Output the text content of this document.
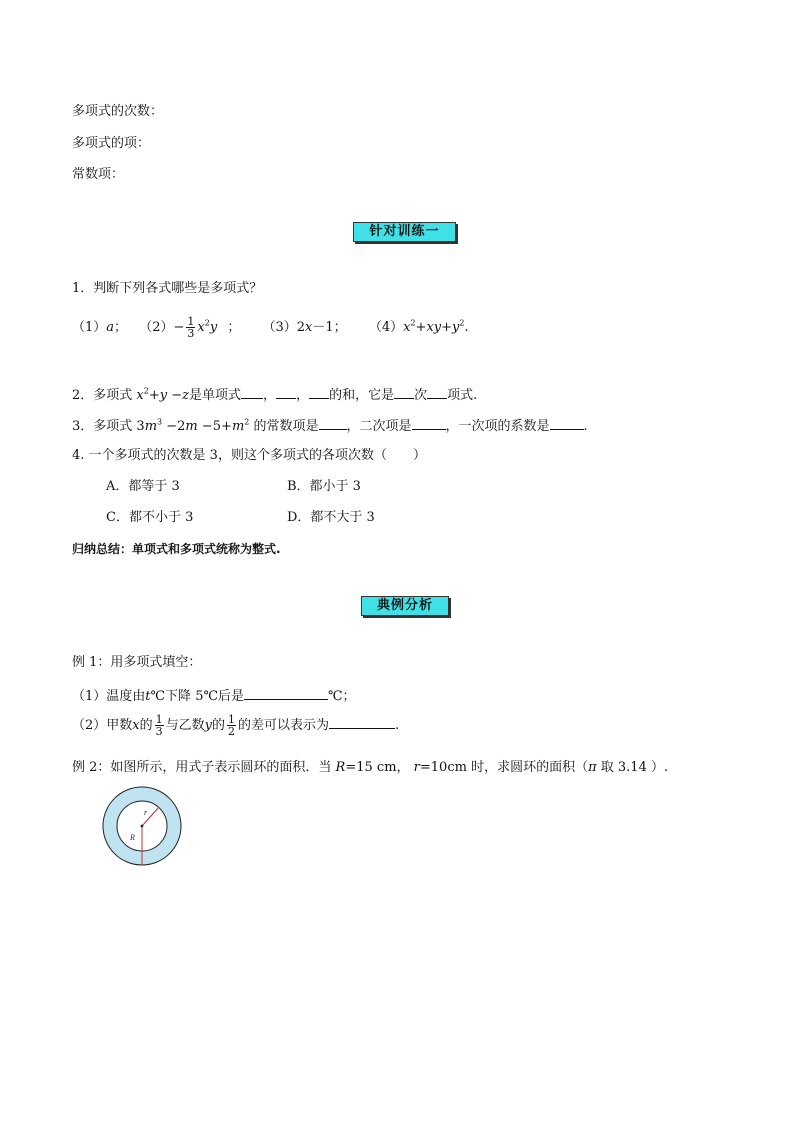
多项式的次数：
多项式的项：
常数项：
针对训练一
1．判断下列各式哪些是多项式？
（1）a； $(2)- \frac{1}{3} x^2y$ ； （3）2x－1； $(4)x^2+xy+y^2$.
2．多项式 $x^2+y -z$是单项式 ， ， 的和，它是 次 项式.
3．多项式 $3m^3 -2m -5+m^2$ 的常数项是 ，二次项是	，一次项的系数是	.
4. 一个多项式的次数是 3，则这个多项式的各项次数（　　）
A．都等于 3	B．都小于 3
C．都不小于 3	D．都不大于 3
归纳总结：单项式和多项式统称为整式.
典例分析
例 1：用多项式填空：
（1）温度由t℃下降 5℃后是	℃；
（2）甲数x的 $\frac{1}{3}$ 与乙数y的 $\frac{1}{2}$ 的差可以表示为	.
例 2：如图所示，用式子表示圆环的面积．当 R=15 cm， r=10cm 时，求圆环的面积（π 取 3.14 ）.
r
R
